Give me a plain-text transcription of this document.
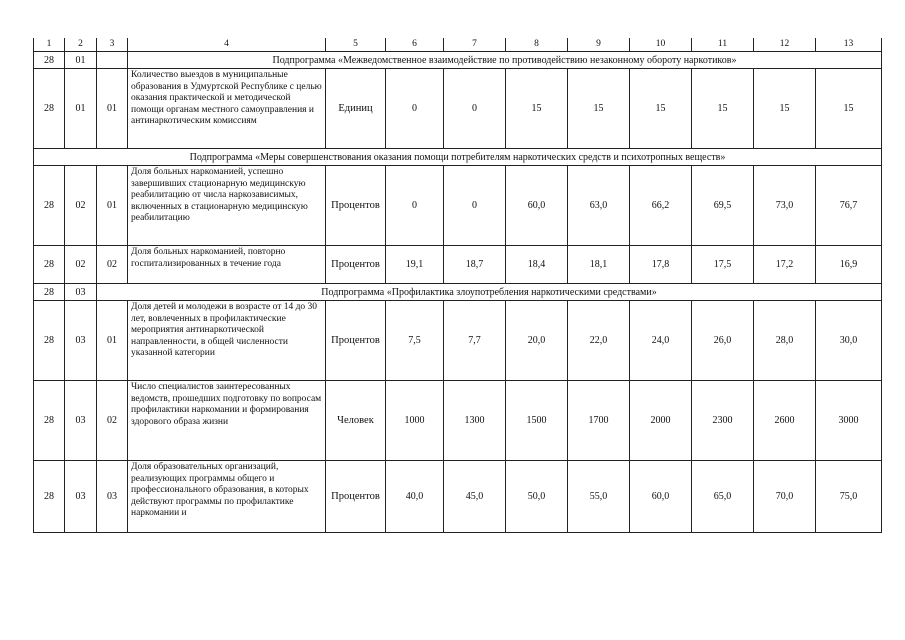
1	2	3	4	5	6	7	8	9	10	11	12	13
28	01		Подпрограмма «Межведомственное взаимодействие по противодействию незаконному обороту наркотиков»									
28	01	01	Количество выездов в муниципальные образования в Удмуртской Республике с целью оказания практической и методической помощи органам местного самоуправления и антинаркотическим комиссиям	Единиц	0	0	15	15	15	15	15	15
Подпрограмма «Меры совершенствования оказания помощи потребителям наркотических средств и психотропных веществ»												
28	02	01	Доля больных наркоманией, успешно завершивших стационарную медицинскую реабилитацию от числа наркозависимых, включенных в стационарную медицинскую реабилитацию	Процентов	0	0	60,0	63,0	66,2	69,5	73,0	76,7
28	02	02	Доля больных наркоманией, повторно госпитализированных в течение года	Процентов	19,1	18,7	18,4	18,1	17,8	17,5	17,2	16,9
28	03	Подпрограмма «Профилактика злоупотребления наркотическими средствами»										
28	03	01	Доля детей и молодежи в возрасте от 14 до 30 лет, вовлеченных в профилактические мероприятия антинаркотической направленности, в общей численности указанной категории	Процентов	7,5	7,7	20,0	22,0	24,0	26,0	28,0	30,0
28	03	02	Число специалистов заинтересованных ведомств, прошедших подготовку по вопросам профилактики наркомании и формирования здорового образа жизни	Человек	1000	1300	1500	1700	2000	2300	2600	3000
28	03	03	Доля образовательных организаций, реализующих программы общего и профессионального образования, в которых действуют программы по профилактике наркомании и	Процентов	40,0	45,0	50,0	55,0	60,0	65,0	70,0	75,0
